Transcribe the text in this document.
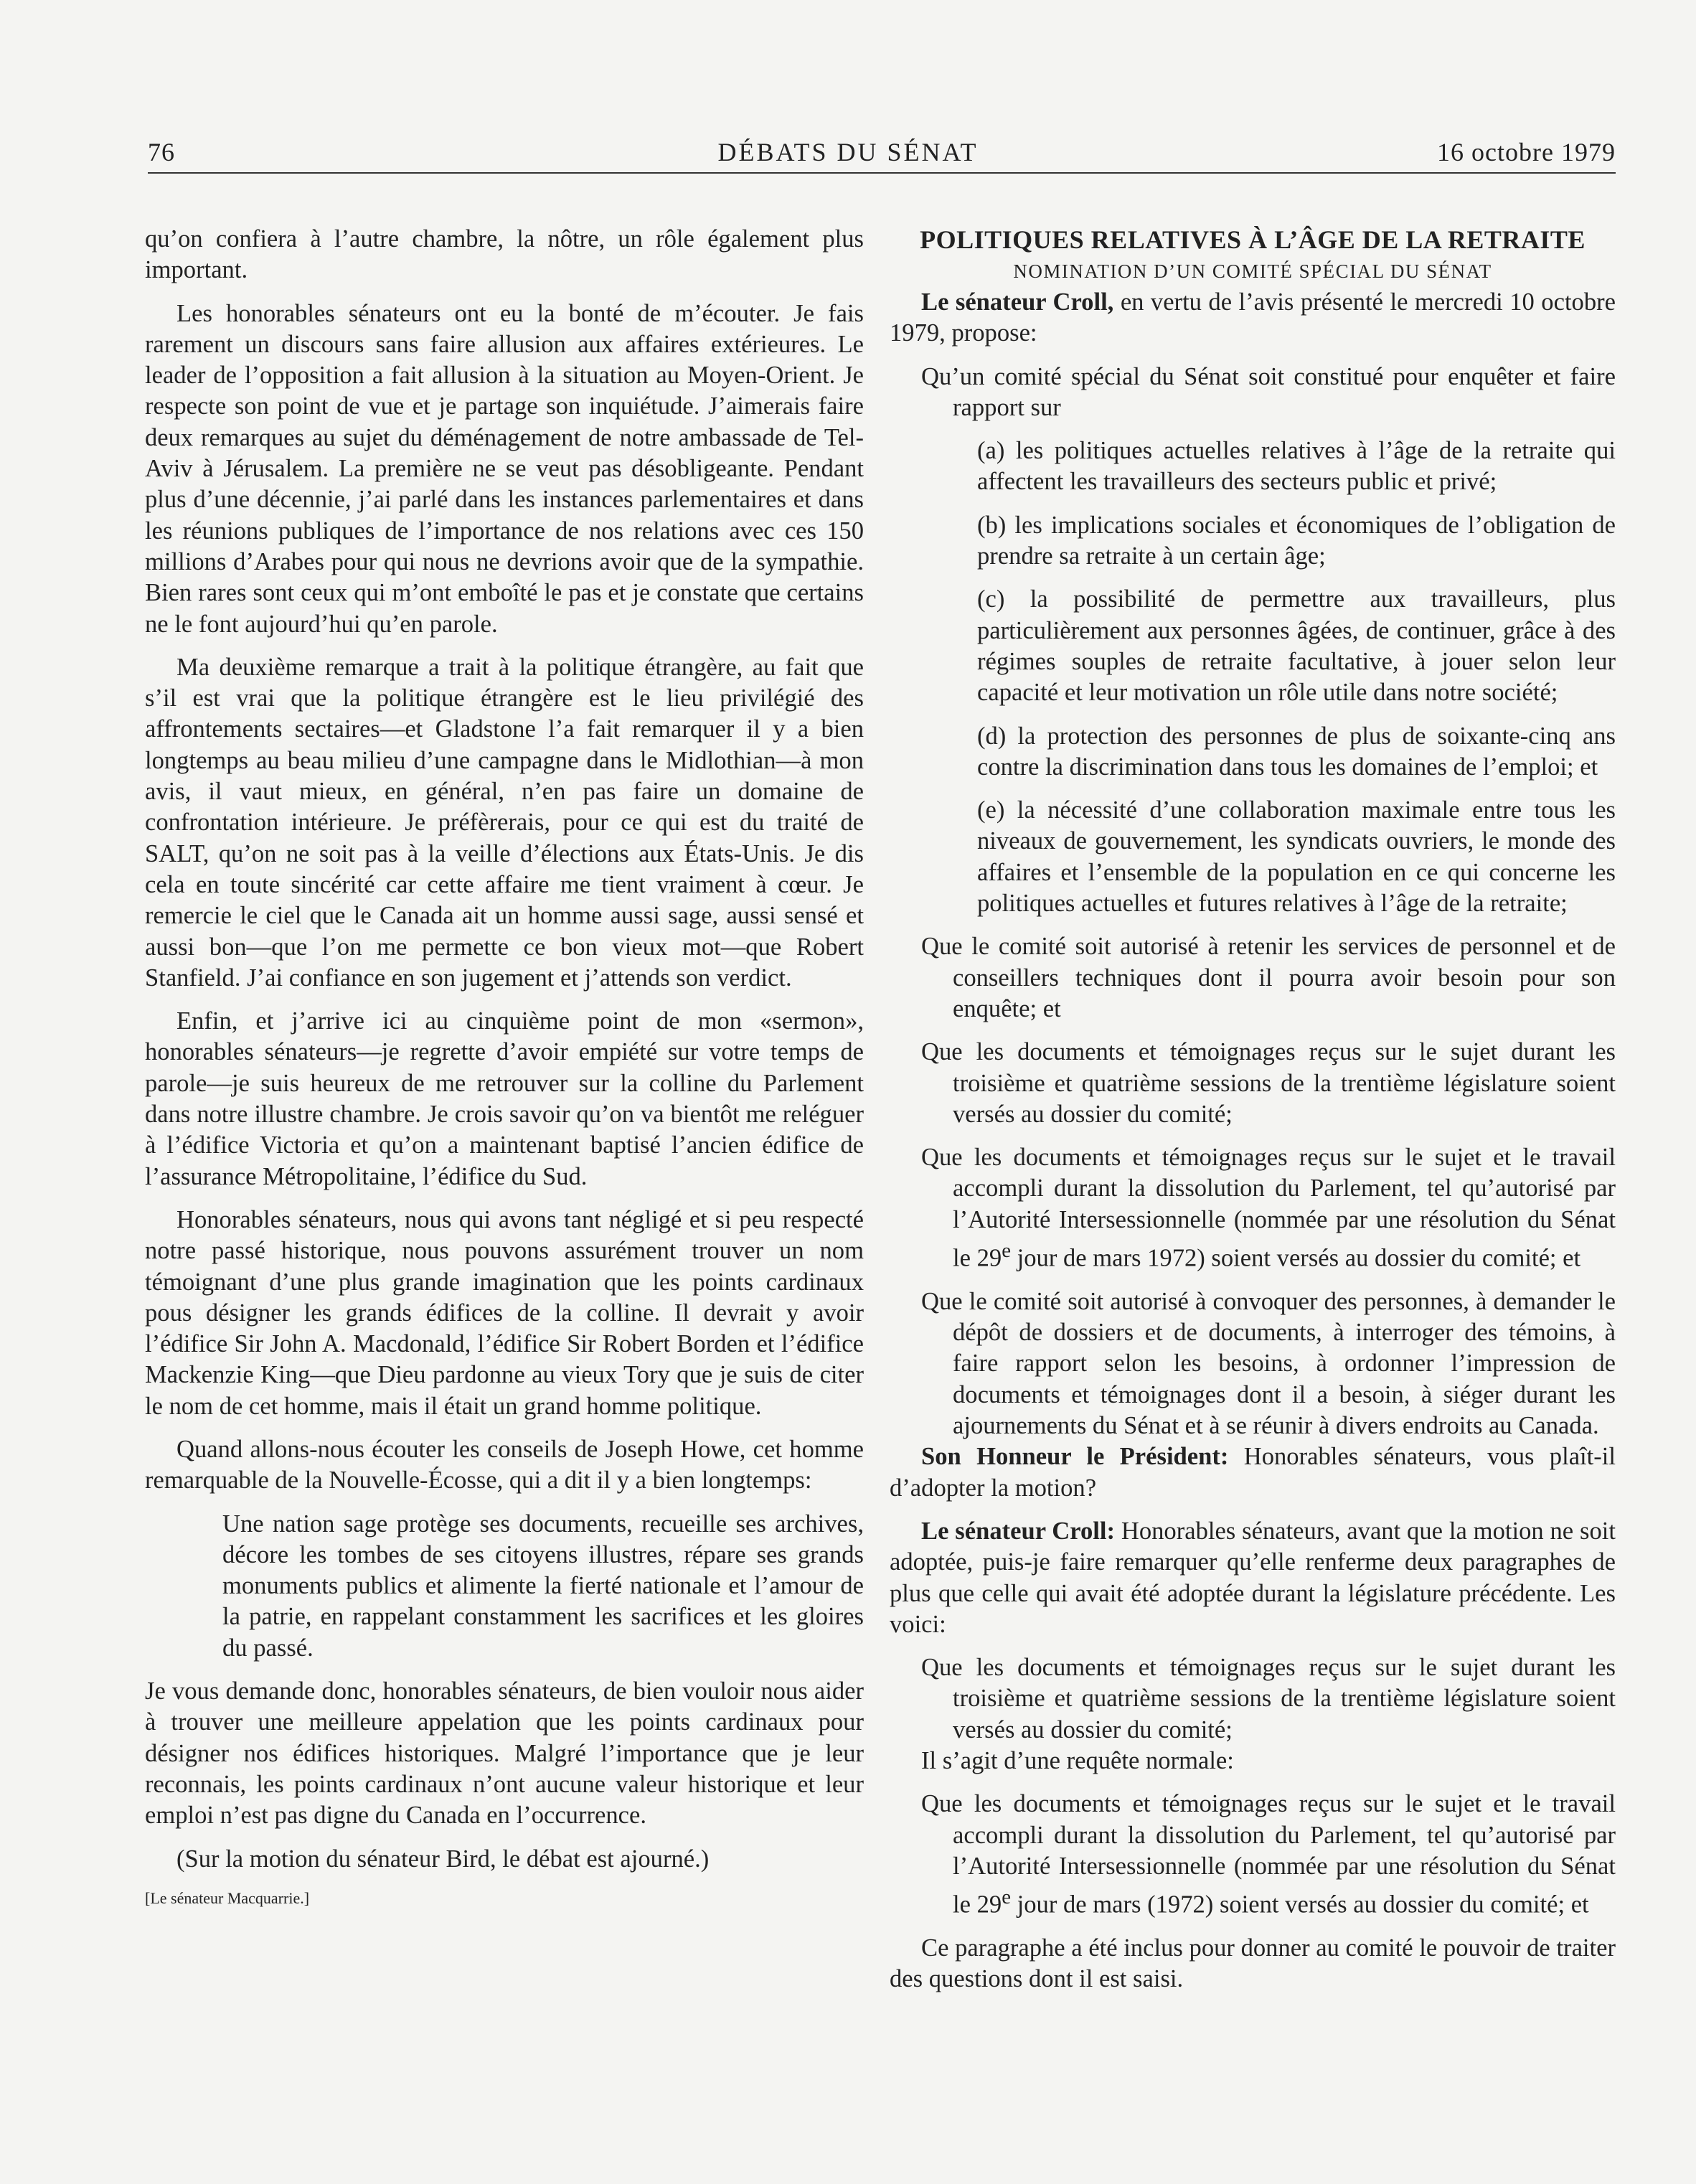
76	DÉBATS DU SÉNAT	16 octobre 1979

qu’on confiera à l’autre chambre, la nôtre, un rôle également plus important.

Les honorables sénateurs ont eu la bonté de m’écouter. Je fais rarement un discours sans faire allusion aux affaires extérieures. Le leader de l’opposition a fait allusion à la situation au Moyen-Orient. Je respecte son point de vue et je partage son inquiétude. J’aimerais faire deux remarques au sujet du déménagement de notre ambassade de Tel-Aviv à Jérusalem. La première ne se veut pas désobligeante. Pendant plus d’une décennie, j’ai parlé dans les instances parlementaires et dans les réunions publiques de l’importance de nos relations avec ces 150 millions d’Arabes pour qui nous ne devrions avoir que de la sympathie. Bien rares sont ceux qui m’ont emboîté le pas et je constate que certains ne le font aujourd’hui qu’en parole.

Ma deuxième remarque a trait à la politique étrangère, au fait que s’il est vrai que la politique étrangère est le lieu privilégié des affrontements sectaires—et Gladstone l’a fait remarquer il y a bien longtemps au beau milieu d’une campagne dans le Midlothian—à mon avis, il vaut mieux, en général, n’en pas faire un domaine de confrontation intérieure. Je préfèrerais, pour ce qui est du traité de SALT, qu’on ne soit pas à la veille d’élections aux États-Unis. Je dis cela en toute sincérité car cette affaire me tient vraiment à cœur. Je remercie le ciel que le Canada ait un homme aussi sage, aussi sensé et aussi bon—que l’on me permette ce bon vieux mot—que Robert Stanfield. J’ai confiance en son jugement et j’attends son verdict.

Enfin, et j’arrive ici au cinquième point de mon «sermon», honorables sénateurs—je regrette d’avoir empiété sur votre temps de parole—je suis heureux de me retrouver sur la colline du Parlement dans notre illustre chambre. Je crois savoir qu’on va bientôt me reléguer à l’édifice Victoria et qu’on a maintenant baptisé l’ancien édifice de l’assurance Métropolitaine, l’édifice du Sud.

Honorables sénateurs, nous qui avons tant négligé et si peu respecté notre passé historique, nous pouvons assurément trouver un nom témoignant d’une plus grande imagination que les points cardinaux pous désigner les grands édifices de la colline. Il devrait y avoir l’édifice Sir John A. Macdonald, l’édifice Sir Robert Borden et l’édifice Mackenzie King—que Dieu pardonne au vieux Tory que je suis de citer le nom de cet homme, mais il était un grand homme politique.

Quand allons-nous écouter les conseils de Joseph Howe, cet homme remarquable de la Nouvelle-Écosse, qui a dit il y a bien longtemps:

Une nation sage protège ses documents, recueille ses archives, décore les tombes de ses citoyens illustres, répare ses grands monuments publics et alimente la fierté nationale et l’amour de la patrie, en rappelant constamment les sacrifices et les gloires du passé.

Je vous demande donc, honorables sénateurs, de bien vouloir nous aider à trouver une meilleure appelation que les points cardinaux pour désigner nos édifices historiques. Malgré l’importance que je leur reconnais, les points cardinaux n’ont aucune valeur historique et leur emploi n’est pas digne du Canada en l’occurrence.

(Sur la motion du sénateur Bird, le débat est ajourné.)

[Le sénateur Macquarrie.]

POLITIQUES RELATIVES À L’ÂGE DE LA RETRAITE

NOMINATION D’UN COMITÉ SPÉCIAL DU SÉNAT

Le sénateur Croll, en vertu de l’avis présenté le mercredi 10 octobre 1979, propose:

Qu’un comité spécial du Sénat soit constitué pour enquêter et faire rapport sur

(a) les politiques actuelles relatives à l’âge de la retraite qui affectent les travailleurs des secteurs public et privé;

(b) les implications sociales et économiques de l’obligation de prendre sa retraite à un certain âge;

(c) la possibilité de permettre aux travailleurs, plus particulièrement aux personnes âgées, de continuer, grâce à des régimes souples de retraite facultative, à jouer selon leur capacité et leur motivation un rôle utile dans notre société;

(d) la protection des personnes de plus de soixante-cinq ans contre la discrimination dans tous les domaines de l’emploi; et

(e) la nécessité d’une collaboration maximale entre tous les niveaux de gouvernement, les syndicats ouvriers, le monde des affaires et l’ensemble de la population en ce qui concerne les politiques actuelles et futures relatives à l’âge de la retraite;

Que le comité soit autorisé à retenir les services de personnel et de conseillers techniques dont il pourra avoir besoin pour son enquête; et

Que les documents et témoignages reçus sur le sujet durant les troisième et quatrième sessions de la trentième législature soient versés au dossier du comité;

Que les documents et témoignages reçus sur le sujet et le travail accompli durant la dissolution du Parlement, tel qu’autorisé par l’Autorité Intersessionnelle (nommée par une résolution du Sénat le 29e jour de mars 1972) soient versés au dossier du comité; et

Que le comité soit autorisé à convoquer des personnes, à demander le dépôt de dossiers et de documents, à interroger des témoins, à faire rapport selon les besoins, à ordonner l’impression de documents et témoignages dont il a besoin, à siéger durant les ajournements du Sénat et à se réunir à divers endroits au Canada.

Son Honneur le Président: Honorables sénateurs, vous plaît-il d’adopter la motion?

Le sénateur Croll: Honorables sénateurs, avant que la motion ne soit adoptée, puis-je faire remarquer qu’elle renferme deux paragraphes de plus que celle qui avait été adoptée durant la législature précédente. Les voici:

Que les documents et témoignages reçus sur le sujet durant les troisième et quatrième sessions de la trentième législature soient versés au dossier du comité;

Il s’agit d’une requête normale:

Que les documents et témoignages reçus sur le sujet et le travail accompli durant la dissolution du Parlement, tel qu’autorisé par l’Autorité Intersessionnelle (nommée par une résolution du Sénat le 29e jour de mars (1972) soient versés au dossier du comité; et

Ce paragraphe a été inclus pour donner au comité le pouvoir de traiter des questions dont il est saisi.
